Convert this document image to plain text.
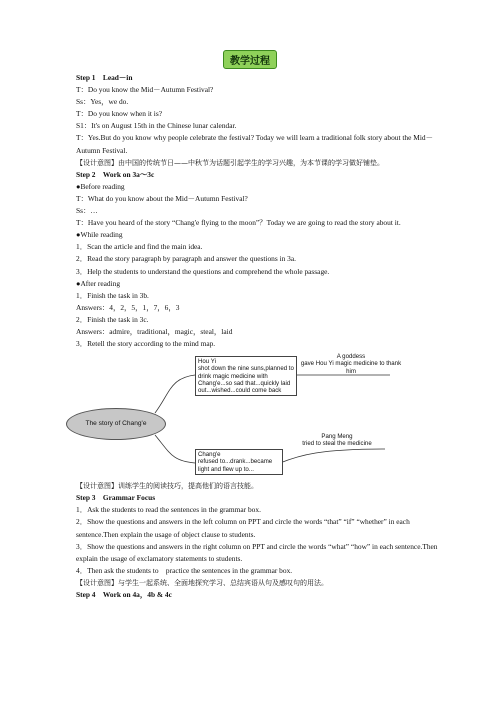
教学过程
Step 1　Lead－in
T：Do you know the Mid－Autumn Festival?
Ss：Yes，we do.
T：Do you know when it is?
S1：It's on August 15th in the Chinese lunar calendar.
T：Yes.But do you know why people celebrate the festival? Today we will learn a traditional folk story about the Mid－Autumn Festival.
【设计意图】由中国的传统节日——中秋节为话题引起学生的学习兴趣，为本节课的学习做好铺垫。
Step 2　Work on 3a～3c
●Before reading
T：What do you know about the Mid－Autumn Festival?
Ss：…
T：Have you heard of the story “Chang'e flying to the moon”？Today we are going to read the story about it.
●While reading
1．Scan the article and find the main idea.
2．Read the story paragraph by paragraph and answer the questions in 3a.
3．Help the students to understand the questions and comprehend the whole passage.
●After reading
1．Finish the task in 3b.
Answers：4，2，5，1，7，6，3
2．Finish the task in 3c.
Answers：admire，traditional，magic，steal，laid
3．Retell the story according to the mind map.
The story of Chang'e
Hou Yi
shot down the nine suns,planned to drink magic medicine with Chang'e...so sad that...quickly laid out...wished...could come back
A goddess
gave Hou Yi magic medicine to thank him
Pang Meng
tried to steal the medicine
Chang'e
refused to...drank...became light and flew up to...
【设计意图】训练学生的阅读技巧，提高他们的语言技能。
Step 3　Grammar Focus
1．Ask the students to read the sentences in the grammar box.
2．Show the questions and answers in the left column on PPT and circle the words “that” “if” “whether” in each sentence.Then explain the usage of object clause to students.
3．Show the questions and answers in the right column on PPT and circle the words “what” “how” in each sentence.Then explain the usage of exclamatory statements to students.
4．Then ask the students to　practice the sentences in the grammar box.
【设计意图】与学生一起系统、全面地探究学习、总结宾语从句及感叹句的用法。
Step 4　Work on 4a，4b & 4c
